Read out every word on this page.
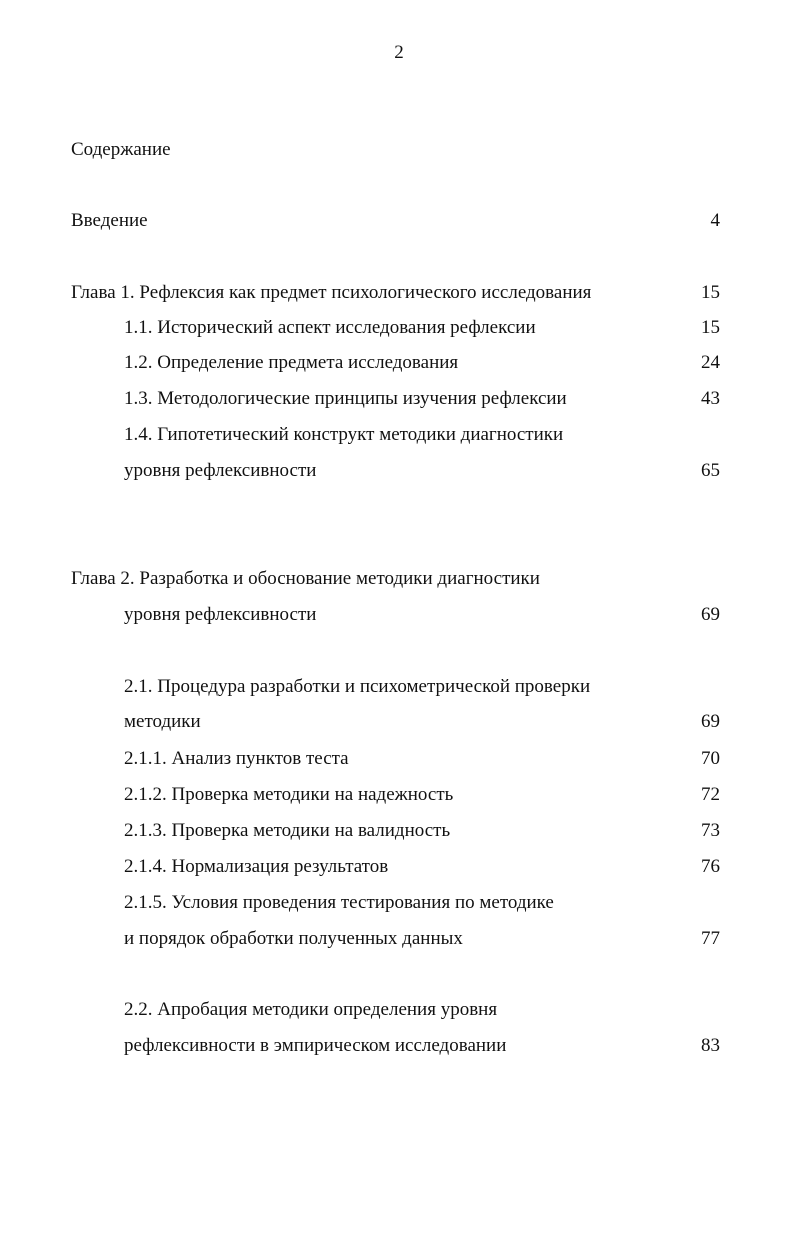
2
Содержание
Введение	4
Глава 1. Рефлексия как предмет психологического исследования	15
1.1. Исторический аспект исследования рефлексии	15
1.2. Определение предмета исследования	24
1.3. Методологические принципы изучения рефлексии	43
1.4. Гипотетический конструкт методики диагностики
уровня рефлексивности	65
Глава 2. Разработка и обоснование методики диагностики
уровня рефлексивности	69
2.1. Процедура разработки и психометрической проверки
методики	69
2.1.1. Анализ пунктов теста	70
2.1.2. Проверка методики на надежность	72
2.1.3. Проверка методики на валидность	73
2.1.4. Нормализация результатов	76
2.1.5. Условия проведения тестирования по методике
и порядок обработки полученных данных	77
2.2. Апробация методики определения уровня
рефлексивности в эмпирическом исследовании	83
